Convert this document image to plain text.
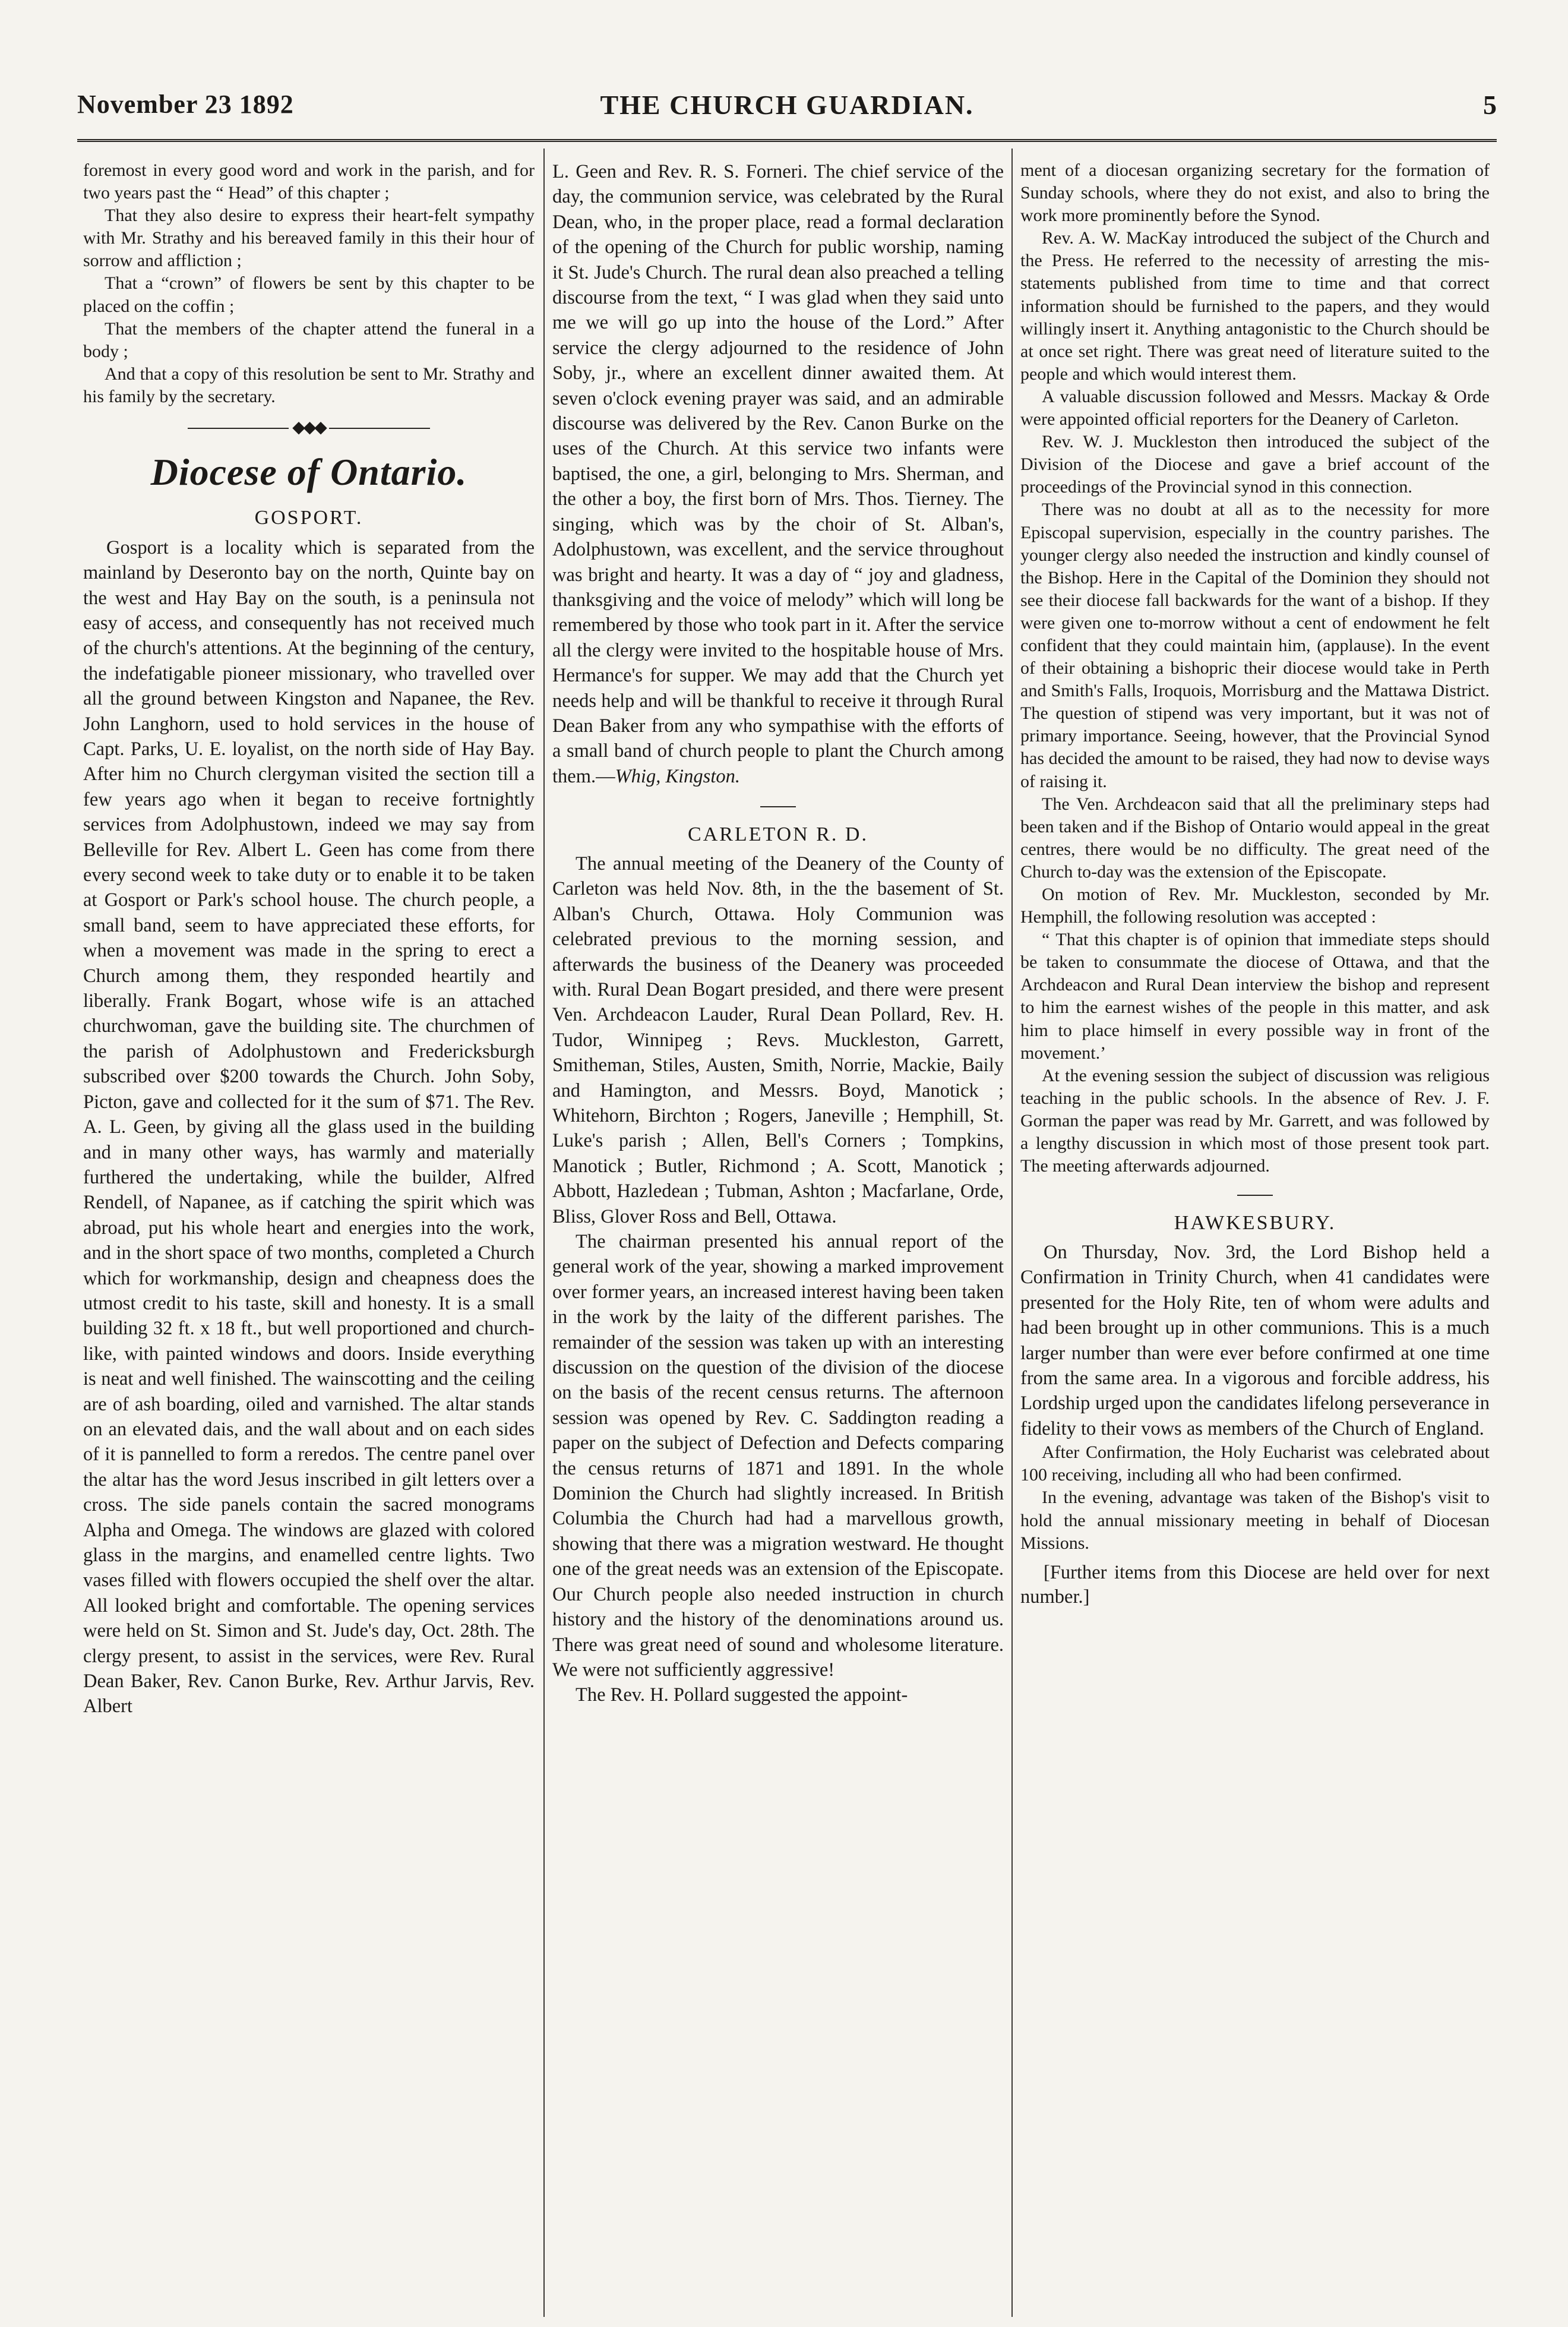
November 23 1892	THE CHURCH GUARDIAN.	5

foremost in every good word and work in the parish, and for two years past the “ Head” of this chapter ;

That they also desire to express their heart-felt sympathy with Mr. Strathy and his bereaved family in this their hour of sorrow and affliction ;

That a “crown” of flowers be sent by this chapter to be placed on the coffin ;

That the members of the chapter attend the funeral in a body ;

And that a copy of this resolution be sent to Mr. Strathy and his family by the secretary.

◆◆◆
Diocese of Ontario.
GOSPORT.

Gosport is a locality which is separated from the mainland by Deseronto bay on the north, Quinte bay on the west and Hay Bay on the south, is a peninsula not easy of access, and consequently has not received much of the church's attentions. At the beginning of the century, the indefatigable pioneer missionary, who travelled over all the ground between Kingston and Napanee, the Rev. John Langhorn, used to hold services in the house of Capt. Parks, U. E. loyalist, on the north side of Hay Bay. After him no Church clergyman visited the section till a few years ago when it began to receive fortnightly services from Adolphustown, indeed we may say from Belleville for Rev. Albert L. Geen has come from there every second week to take duty or to enable it to be taken at Gosport or Park's school house. The church people, a small band, seem to have appreciated these efforts, for when a movement was made in the spring to erect a Church among them, they responded heartily and liberally. Frank Bogart, whose wife is an attached churchwoman, gave the building site. The churchmen of the parish of Adolphustown and Fredericksburgh subscribed over $200 towards the Church. John Soby, Picton, gave and collected for it the sum of $71. The Rev. A. L. Geen, by giving all the glass used in the building and in many other ways, has warmly and materially furthered the undertaking, while the builder, Alfred Rendell, of Napanee, as if catching the spirit which was abroad, put his whole heart and energies into the work, and in the short space of two months, completed a Church which for workmanship, design and cheapness does the utmost credit to his taste, skill and honesty. It is a small building 32 ft. x 18 ft., but well proportioned and church-like, with painted windows and doors. Inside everything is neat and well finished. The wainscotting and the ceiling are of ash boarding, oiled and varnished. The altar stands on an elevated dais, and the wall about and on each sides of it is pannelled to form a reredos. The centre panel over the altar has the word Jesus inscribed in gilt letters over a cross. The side panels contain the sacred monograms Alpha and Omega. The windows are glazed with colored glass in the margins, and enamelled centre lights. Two vases filled with flowers occupied the shelf over the altar. All looked bright and comfortable. The opening services were held on St. Simon and St. Jude's day, Oct. 28th. The clergy present, to assist in the services, were Rev. Rural Dean Baker, Rev. Canon Burke, Rev. Arthur Jarvis, Rev. Albert

L. Geen and Rev. R. S. Forneri. The chief service of the day, the communion service, was celebrated by the Rural Dean, who, in the proper place, read a formal declaration of the opening of the Church for public worship, naming it St. Jude's Church. The rural dean also preached a telling discourse from the text, “ I was glad when they said unto me we will go up into the house of the Lord.” After service the clergy adjourned to the residence of John Soby, jr., where an excellent dinner awaited them. At seven o'clock evening prayer was said, and an admirable discourse was delivered by the Rev. Canon Burke on the uses of the Church. At this service two infants were baptised, the one, a girl, belonging to Mrs. Sherman, and the other a boy, the first born of Mrs. Thos. Tierney. The singing, which was by the choir of St. Alban's, Adolphustown, was excellent, and the service throughout was bright and hearty. It was a day of “ joy and gladness, thanksgiving and the voice of melody” which will long be remembered by those who took part in it. After the service all the clergy were invited to the hospitable house of Mrs. Hermance's for supper. We may add that the Church yet needs help and will be thankful to receive it through Rural Dean Baker from any who sympathise with the efforts of a small band of church people to plant the Church among them.—Whig, Kingston.

CARLETON R. D.

The annual meeting of the Deanery of the County of Carleton was held Nov. 8th, in the the basement of St. Alban's Church, Ottawa. Holy Communion was celebrated previous to the morning session, and afterwards the business of the Deanery was proceeded with. Rural Dean Bogart presided, and there were present Ven. Archdeacon Lauder, Rural Dean Pollard, Rev. H. Tudor, Winnipeg ; Revs. Muckleston, Garrett, Smitheman, Stiles, Austen, Smith, Norrie, Mackie, Baily and Hamington, and Messrs. Boyd, Manotick ; Whitehorn, Birchton ; Rogers, Janeville ; Hemphill, St. Luke's parish ; Allen, Bell's Corners ; Tompkins, Manotick ; Butler, Richmond ; A. Scott, Manotick ; Abbott, Hazledean ; Tubman, Ashton ; Macfarlane, Orde, Bliss, Glover Ross and Bell, Ottawa.

The chairman presented his annual report of the general work of the year, showing a marked improvement over former years, an increased interest having been taken in the work by the laity of the different parishes. The remainder of the session was taken up with an interesting discussion on the question of the division of the diocese on the basis of the recent census returns. The afternoon session was opened by Rev. C. Saddington reading a paper on the subject of Defection and Defects comparing the census returns of 1871 and 1891. In the whole Dominion the Church had slightly increased. In British Columbia the Church had had a marvellous growth, showing that there was a migration westward. He thought one of the great needs was an extension of the Episcopate. Our Church people also needed instruction in church history and the history of the denominations around us. There was great need of sound and wholesome literature. We were not sufficiently aggressive!

The Rev. H. Pollard suggested the appoint-

ment of a diocesan organizing secretary for the formation of Sunday schools, where they do not exist, and also to bring the work more prominently before the Synod.

Rev. A. W. MacKay introduced the subject of the Church and the Press. He referred to the necessity of arresting the mis-statements published from time to time and that correct information should be furnished to the papers, and they would willingly insert it. Anything antagonistic to the Church should be at once set right. There was great need of literature suited to the people and which would interest them.

A valuable discussion followed and Messrs. Mackay & Orde were appointed official reporters for the Deanery of Carleton.

Rev. W. J. Muckleston then introduced the subject of the Division of the Diocese and gave a brief account of the proceedings of the Provincial synod in this connection.

There was no doubt at all as to the necessity for more Episcopal supervision, especially in the country parishes. The younger clergy also needed the instruction and kindly counsel of the Bishop. Here in the Capital of the Dominion they should not see their diocese fall backwards for the want of a bishop. If they were given one to-morrow without a cent of endowment he felt confident that they could maintain him, (applause). In the event of their obtaining a bishopric their diocese would take in Perth and Smith's Falls, Iroquois, Morrisburg and the Mattawa District. The question of stipend was very important, but it was not of primary importance. Seeing, however, that the Provincial Synod has decided the amount to be raised, they had now to devise ways of raising it.

The Ven. Archdeacon said that all the preliminary steps had been taken and if the Bishop of Ontario would appeal in the great centres, there would be no difficulty. The great need of the Church to-day was the extension of the Episcopate.

On motion of Rev. Mr. Muckleston, seconded by Mr. Hemphill, the following resolution was accepted :

“ That this chapter is of opinion that immediate steps should be taken to consummate the diocese of Ottawa, and that the Archdeacon and Rural Dean interview the bishop and represent to him the earnest wishes of the people in this matter, and ask him to place himself in every possible way in front of the movement.’

At the evening session the subject of discussion was religious teaching in the public schools. In the absence of Rev. J. F. Gorman the paper was read by Mr. Garrett, and was followed by a lengthy discussion in which most of those present took part. The meeting afterwards adjourned.

HAWKESBURY.

On Thursday, Nov. 3rd, the Lord Bishop held a Confirmation in Trinity Church, when 41 candidates were presented for the Holy Rite, ten of whom were adults and had been brought up in other communions. This is a much larger number than were ever before confirmed at one time from the same area. In a vigorous and forcible address, his Lordship urged upon the candidates lifelong perseverance in fidelity to their vows as members of the Church of England.

After Confirmation, the Holy Eucharist was celebrated about 100 receiving, including all who had been confirmed.

In the evening, advantage was taken of the Bishop's visit to hold the annual missionary meeting in behalf of Diocesan Missions.

[Further items from this Diocese are held over for next number.]
